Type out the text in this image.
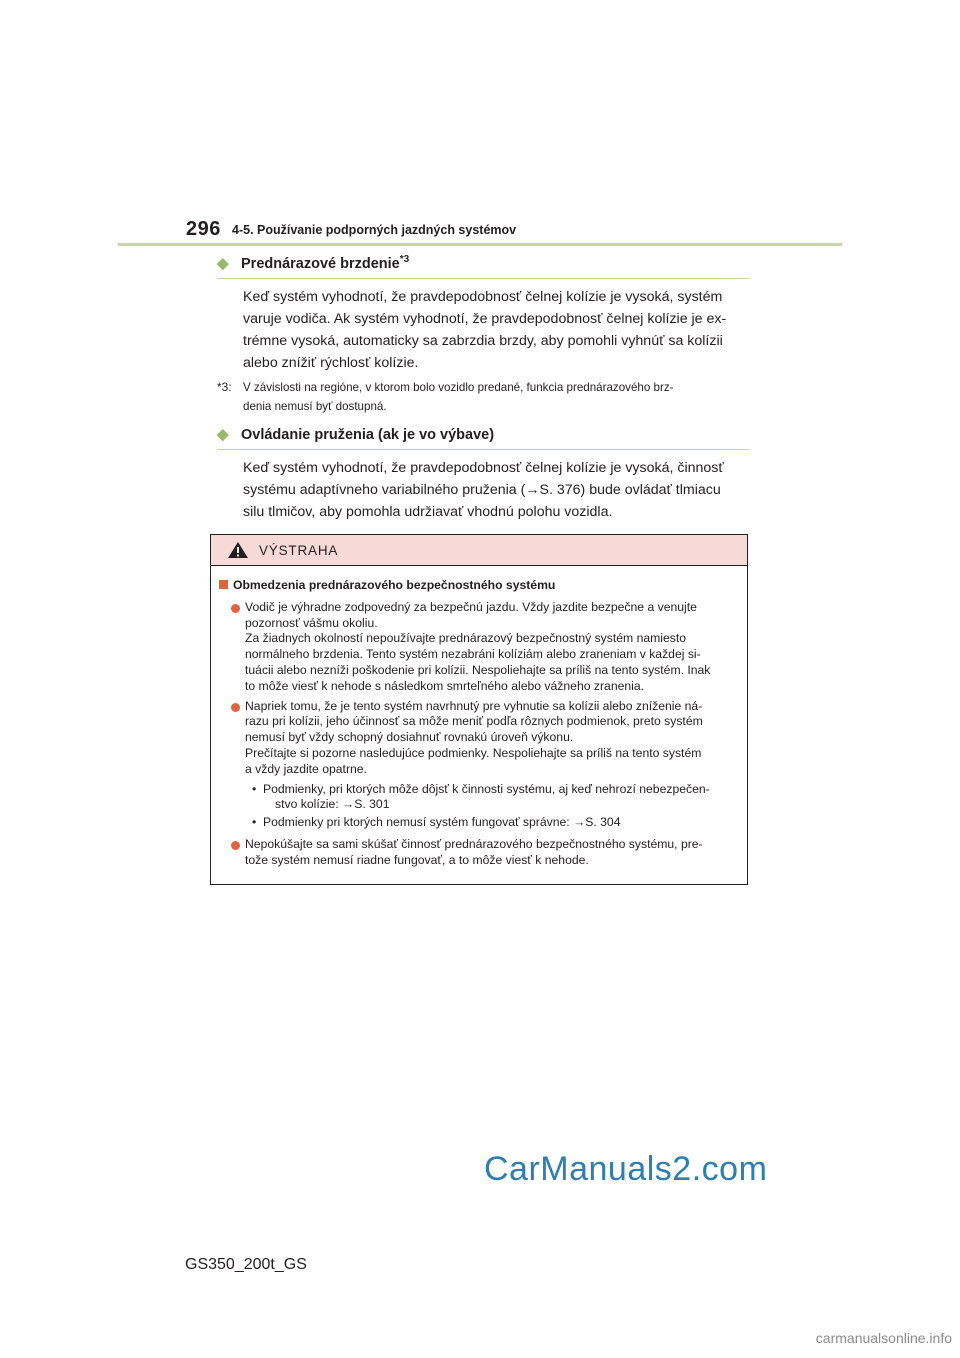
296 4-5. Používanie podporných jazdných systémov
◆ Prednárazové brzdenie$^{*3}$
Keď systém vyhodnotí, že pravdepodobnosť čelnej kolízie je vysoká, systém
varuje vodiča. Ak systém vyhodnotí, že pravdepodobnosť čelnej kolízie je ex-
trémne vysoká, automaticky sa zabrzdia brzdy, aby pomohli vyhnúť sa kolízii
alebo znížiť rýchlosť kolízie.
*3: V závislosti na regióne, v ktorom bolo vozidlo predané, funkcia prednárazového brz-
denia nemusí byť dostupná.
◆ Ovládanie pruženia (ak je vo výbave)
Keď systém vyhodnotí, že pravdepodobnosť čelnej kolízie je vysoká, činnosť
systému adaptívneho variabilného pruženia (→S. 376) bude ovládať tlmiacu
silu tlmičov, aby pomohla udržiavať vhodnú polohu vozidla.
VÝSTRAHA
Obmedzenia prednárazového bezpečnostného systému

Vodič je výhradne zodpovedný za bezpečnú jazdu. Vždy jazdite bezpečne a venujte

pozornosť vášmu okoliu.

Za žiadnych okolností nepoužívajte prednárazový bezpečnostný systém namiesto

normálneho brzdenia. Tento systém nezabráni kolíziám alebo zraneniam v každej si-

tuácii alebo nezníži poškodenie pri kolízii. Nespoliehajte sa príliš na tento systém. Inak

to môže viesť k nehode s následkom smrteľného alebo vážneho zranenia.

Napriek tomu, že je tento systém navrhnutý pre vyhnutie sa kolízii alebo zníženie ná-

razu pri kolízii, jeho účinnosť sa môže meniť podľa rôznych podmienok, preto systém

nemusí byť vždy schopný dosiahnuť rovnakú úroveň výkonu.

Prečítajte si pozorne nasledujúce podmienky. Nespoliehajte sa príliš na tento systém

a vždy jazdite opatrne.

• Podmienky, pri ktorých môže dôjsť k činnosti systému, aj keď nehrozí nebezpečen-
stvo kolízie: →S. 301
• Podmienky pri ktorých nemusí systém fungovať správne: →S. 304

Nepokúšajte sa sami skúšať činnosť prednárazového bezpečnostného systému, pre-

tože systém nemusí riadne fungovať, a to môže viesť k nehode.

CarManuals2.com
GS350_200t_GS
carmanualsonline.info
